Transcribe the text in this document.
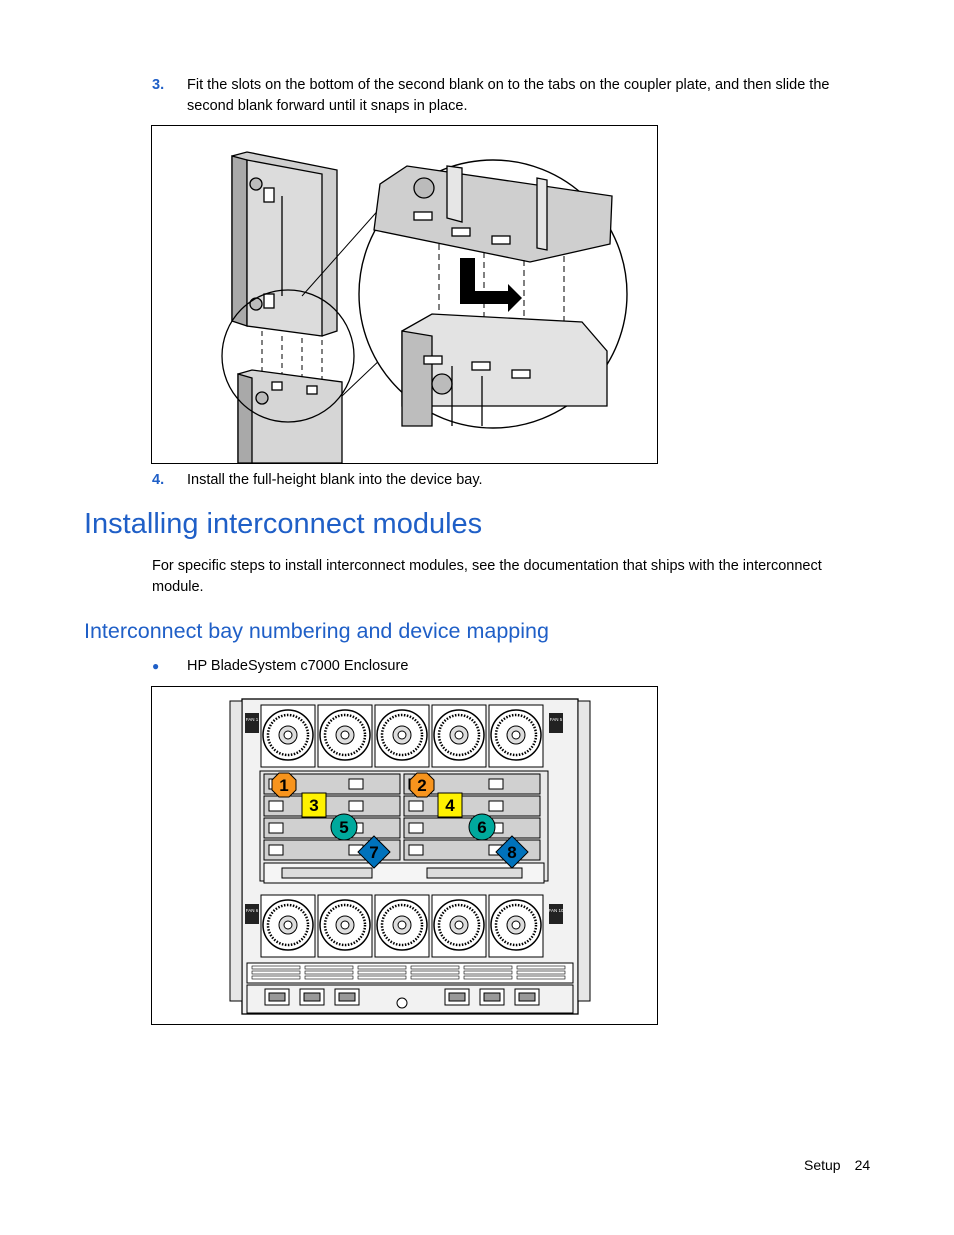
3. Fit the slots on the bottom of the second blank on to the tabs on the coupler plate, and then slide the second blank forward until it snaps in place.
4. Install the full-height blank into the device bay.
Installing interconnect modules

For specific steps to install interconnect modules, see the documentation that ships with the interconnect module.

Interconnect bay numbering and device mapping
● HP BladeSystem c7000 Enclosure
FAN 1	FAN 5
FAN 6	FAN 10
1	2
3	4
5	6
7	8
Setup 24
